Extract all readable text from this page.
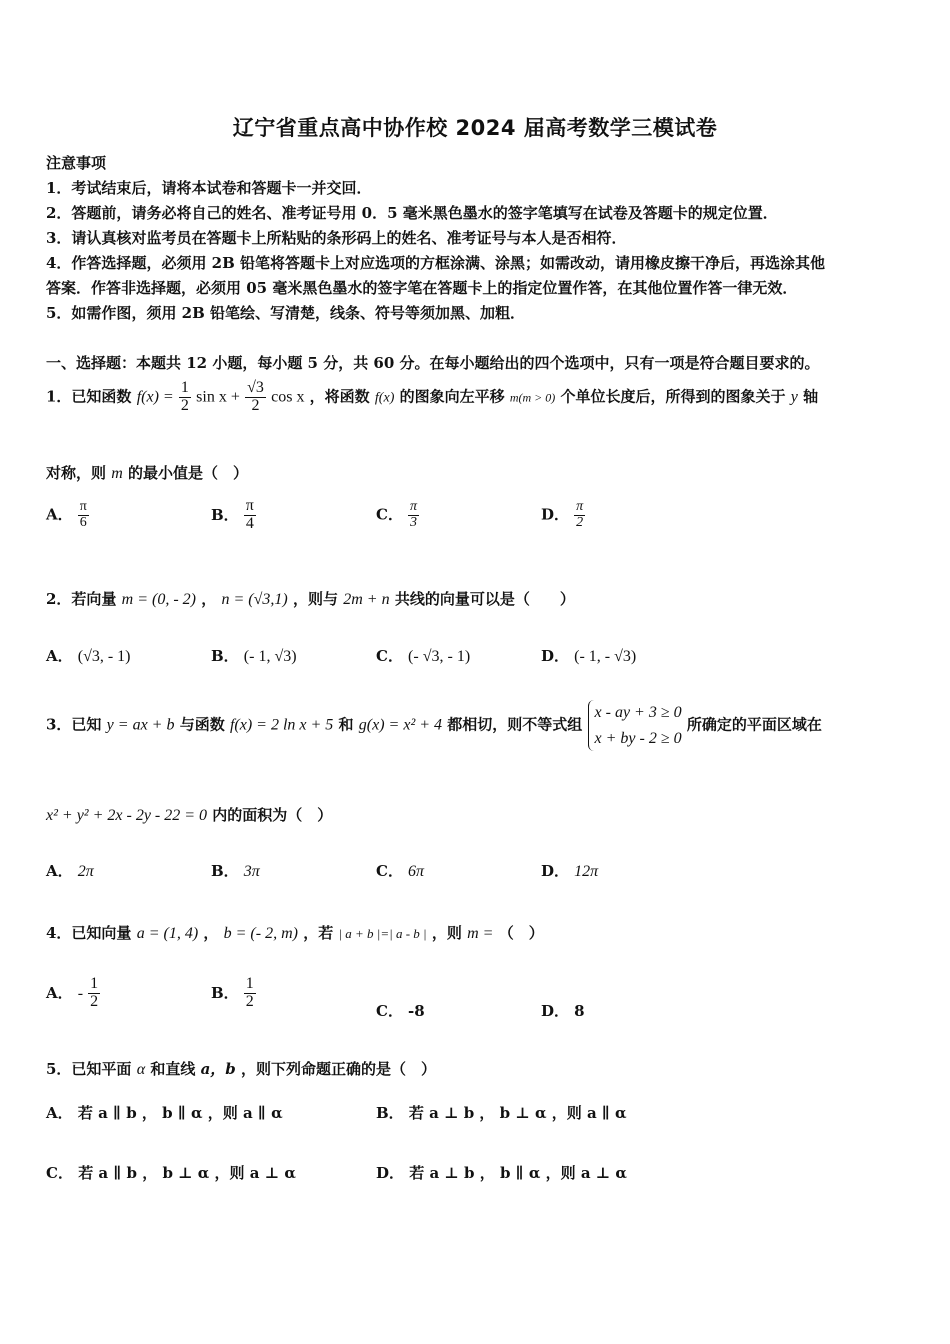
辽宁省重点高中协作校 2024 届高考数学三模试卷
注意事项
1．考试结束后，请将本试卷和答题卡一并交回．
2．答题前，请务必将自己的姓名、准考证号用 0．5 毫米黑色墨水的签字笔填写在试卷及答题卡的规定位置．
3．请认真核对监考员在答题卡上所粘贴的条形码上的姓名、准考证号与本人是否相符．
4．作答选择题，必须用 2B 铅笔将答题卡上对应选项的方框涂满、涂黑；如需改动，请用橡皮擦干净后，再选涂其他
答案．作答非选择题，必须用 05 毫米黑色墨水的签字笔在答题卡上的指定位置作答，在其他位置作答一律无效．
5．如需作图，须用 2B 铅笔绘、写清楚，线条、符号等须加黑、加粗．
一、选择题：本题共 12 小题，每小题 5 分，共 60 分。在每小题给出的四个选项中，只有一项是符合题目要求的。
1．已知函数 $f(x) = \frac{1}{2}$ $\sin x + \frac{√3}{2}$ cos x ，将函数 f(x) 的图象向左平移 m(m > 0) 个单位长度后，所得到的图象关于 y 轴
对称，则 m 的最小值是（　）
A． $\frac{\pi}{6}$	B． $\frac{\pi}{4}$	C． $\frac{\pi}{3}$	D． $\frac{\pi}{2}$
2．若向量 m = (0, - 2) ， n = (√3,1) ，则与 2m + n 共线的向量可以是（　　）
A． (√3, - 1)	B． (- 1, √3)	C． (- √3, - 1)	D． (- 1, - √3)
3．已知 y = ax + b 与函数 f(x) = 2 ln x + 5 和 g(x) = x² + 4 都相切，则不等式组
x - ay + 3 ≥ 0
x + by - 2 ≥ 0
所确定的平面区域在
x² + y² + 2x - 2y - 22 = 0 内的面积为（　）
A． 2π	B． 3π	C． 6π	D． 12π
4．已知向量 a = (1, 4) ， b = (- 2, m) ，若 | a + b |=| a - b | ，则 m = （　）
A． - $\frac{1}{2}$	B． $\frac{1}{2}$
C． -8	D． 8
5．已知平面 α 和直线 a，b ，则下列命题正确的是（　）
A． 若 a ∥ b ， b ∥ α ，则 a ∥ α	B． 若 a ⊥ b ， b ⊥ α ，则 a ∥ α
C． 若 a ∥ b ， b ⊥ α ，则 a ⊥ α	D． 若 a ⊥ b ， b ∥ α ，则 a ⊥ α
